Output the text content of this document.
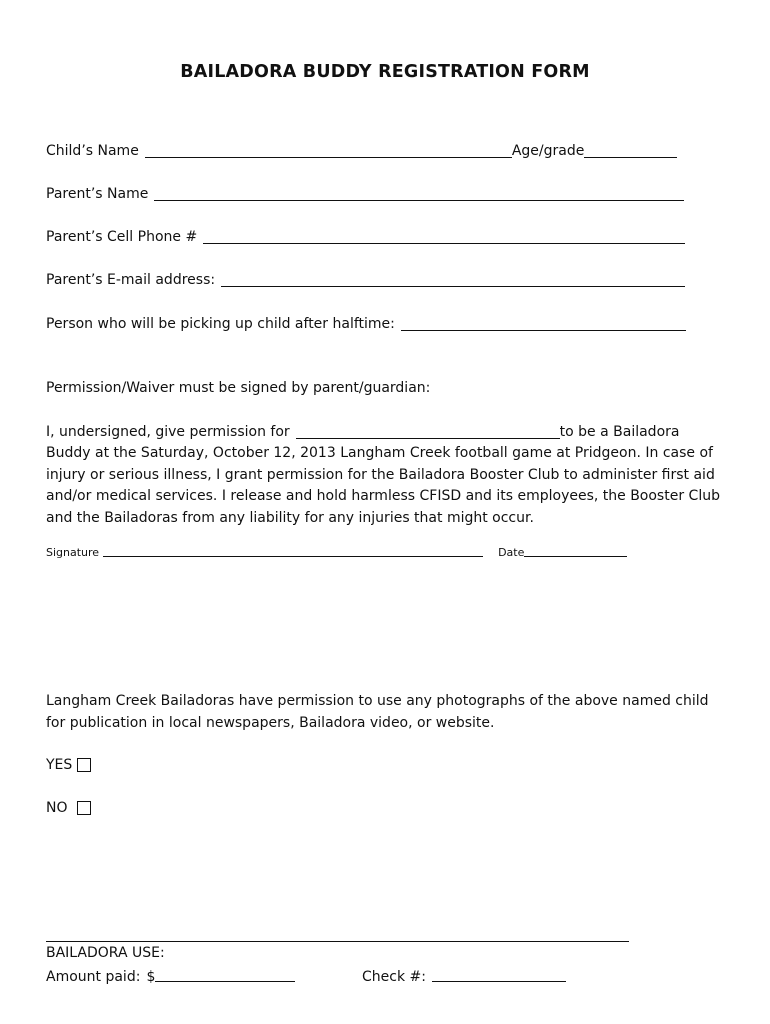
BAILADORA BUDDY REGISTRATION FORM
Child’s Name	Age/grade
Parent’s Name
Parent’s Cell Phone #
Parent’s E-mail address:
Person who will be picking up child after halftime:
Permission/Waiver must be signed by parent/guardian:
I, undersigned, give permission for	to be a Bailadora
Buddy at the Saturday, October 12, 2013 Langham Creek football game at Pridgeon. In case of injury or serious illness, I grant permission for the Bailadora Booster Club to administer first aid and/or medical services. I release and hold harmless CFISD and its employees, the Booster Club and the Bailadoras from any liability for any injuries that might occur.
Signature	Date
Langham Creek Bailadoras have permission to use any photographs of the above named child for publication in local newspapers, Bailadora video, or website.
YES
NO
BAILADORA USE:
Amount paid: $	Check #:
